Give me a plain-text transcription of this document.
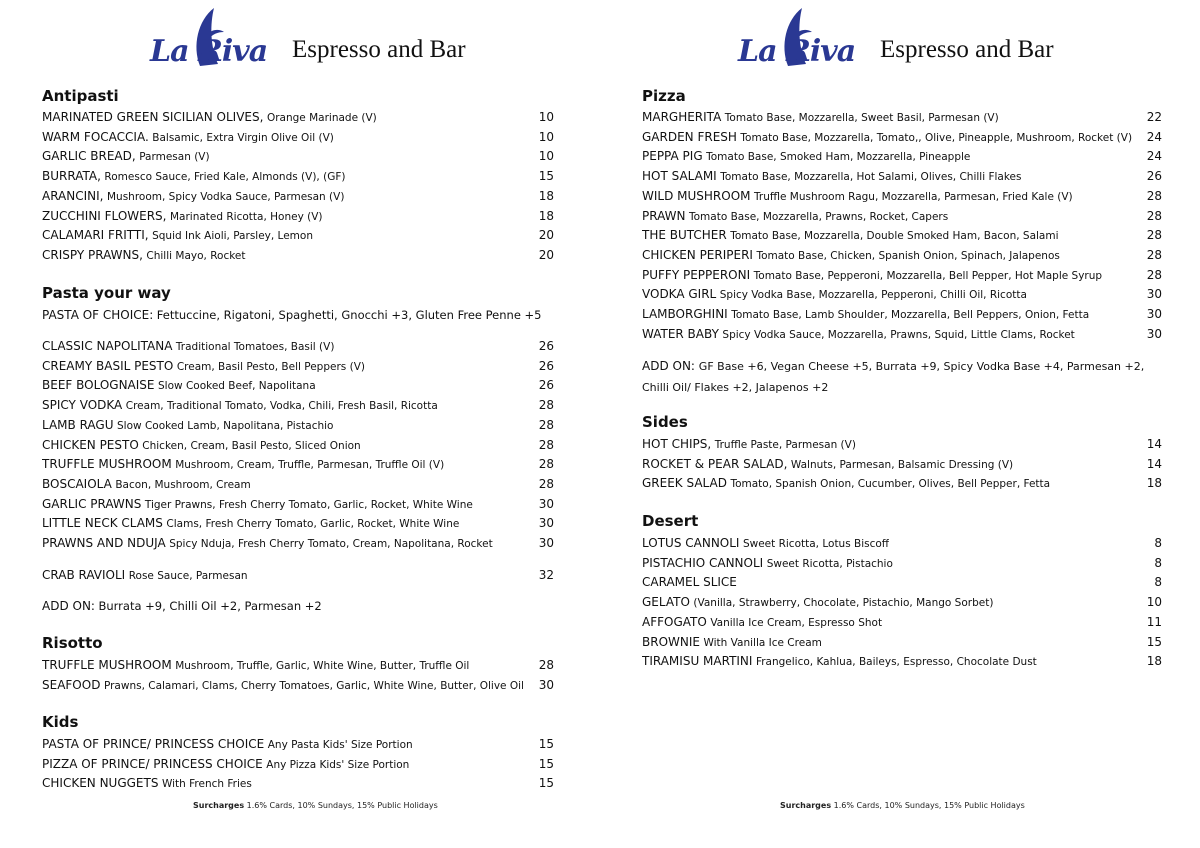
La Riva Espresso and Bar	La Riva Espresso and Bar
Antipasti
MARINATED GREEN SICILIAN OLIVES, Orange Marinade (V)	10
WARM FOCACCIA. Balsamic, Extra Virgin Olive Oil (V)	10
GARLIC BREAD, Parmesan (V)	10
BURRATA, Romesco Sauce, Fried Kale, Almonds (V), (GF)	15
ARANCINI, Mushroom, Spicy Vodka Sauce, Parmesan (V)	18
ZUCCHINI FLOWERS, Marinated Ricotta, Honey (V)	18
CALAMARI FRITTI, Squid Ink Aioli, Parsley, Lemon	20
CRISPY PRAWNS, Chilli Mayo, Rocket	20
Pasta your way
PASTA OF CHOICE: Fettuccine, Rigatoni, Spaghetti, Gnocchi +3, Gluten Free Penne +5
CLASSIC NAPOLITANA Traditional Tomatoes, Basil (V)	26
CREAMY BASIL PESTO Cream, Basil Pesto, Bell Peppers (V)	26
BEEF BOLOGNAISE Slow Cooked Beef, Napolitana	26
SPICY VODKA Cream, Traditional Tomato, Vodka, Chili, Fresh Basil, Ricotta	28
LAMB RAGU Slow Cooked Lamb, Napolitana, Pistachio	28
CHICKEN PESTO Chicken, Cream, Basil Pesto, Sliced Onion	28
TRUFFLE MUSHROOM Mushroom, Cream, Truffle, Parmesan, Truffle Oil (V)	28
BOSCAIOLA Bacon, Mushroom, Cream	28
GARLIC PRAWNS Tiger Prawns, Fresh Cherry Tomato, Garlic, Rocket, White Wine	30
LITTLE NECK CLAMS Clams, Fresh Cherry Tomato, Garlic, Rocket, White Wine	30
PRAWNS AND NDUJA Spicy Nduja, Fresh Cherry Tomato, Cream, Napolitana, Rocket	30
CRAB RAVIOLI Rose Sauce, Parmesan	32
ADD ON: Burrata +9, Chilli Oil +2, Parmesan +2
Risotto
TRUFFLE MUSHROOM Mushroom, Truffle, Garlic, White Wine, Butter, Truffle Oil	28
SEAFOOD Prawns, Calamari, Clams, Cherry Tomatoes, Garlic, White Wine, Butter, Olive Oil	30
Kids
PASTA OF PRINCE/ PRINCESS CHOICE Any Pasta Kids' Size Portion	15
PIZZA OF PRINCE/ PRINCESS CHOICE Any Pizza Kids' Size Portion	15
CHICKEN NUGGETS With French Fries	15
Pizza
MARGHERITA Tomato Base, Mozzarella, Sweet Basil, Parmesan (V)	22
GARDEN FRESH Tomato Base, Mozzarella, Tomato,, Olive, Pineapple, Mushroom, Rocket (V)	24
PEPPA PIG Tomato Base, Smoked Ham, Mozzarella, Pineapple	24
HOT SALAMI Tomato Base, Mozzarella, Hot Salami, Olives, Chilli Flakes	26
WILD MUSHROOM Truffle Mushroom Ragu, Mozzarella, Parmesan, Fried Kale (V)	28
PRAWN Tomato Base, Mozzarella, Prawns, Rocket, Capers	28
THE BUTCHER Tomato Base, Mozzarella, Double Smoked Ham, Bacon, Salami	28
CHICKEN PERIPERI Tomato Base, Chicken, Spanish Onion, Spinach, Jalapenos	28
PUFFY PEPPERONI Tomato Base, Pepperoni, Mozzarella, Bell Pepper, Hot Maple Syrup	28
VODKA GIRL Spicy Vodka Base, Mozzarella, Pepperoni, Chilli Oil, Ricotta	30
LAMBORGHINI Tomato Base, Lamb Shoulder, Mozzarella, Bell Peppers, Onion, Fetta	30
WATER BABY Spicy Vodka Sauce, Mozzarella, Prawns, Squid, Little Clams, Rocket	30
ADD ON: GF Base +6, Vegan Cheese +5, Burrata +9, Spicy Vodka Base +4, Parmesan +2, Chilli Oil/ Flakes +2, Jalapenos +2
Sides
HOT CHIPS, Truffle Paste, Parmesan (V)	14
ROCKET & PEAR SALAD, Walnuts, Parmesan, Balsamic Dressing (V)	14
GREEK SALAD Tomato, Spanish Onion, Cucumber, Olives, Bell Pepper, Fetta	18
Desert
LOTUS CANNOLI Sweet Ricotta, Lotus Biscoff	8
PISTACHIO CANNOLI Sweet Ricotta, Pistachio	8
CARAMEL SLICE	8
GELATO (Vanilla, Strawberry, Chocolate, Pistachio, Mango Sorbet)	10
AFFOGATO Vanilla Ice Cream, Espresso Shot	11
BROWNIE With Vanilla Ice Cream	15
TIRAMISU MARTINI Frangelico, Kahlua, Baileys, Espresso, Chocolate Dust	18
Surcharges 1.6% Cards, 10% Sundays, 15% Public Holidays	Surcharges 1.6% Cards, 10% Sundays, 15% Public Holidays
